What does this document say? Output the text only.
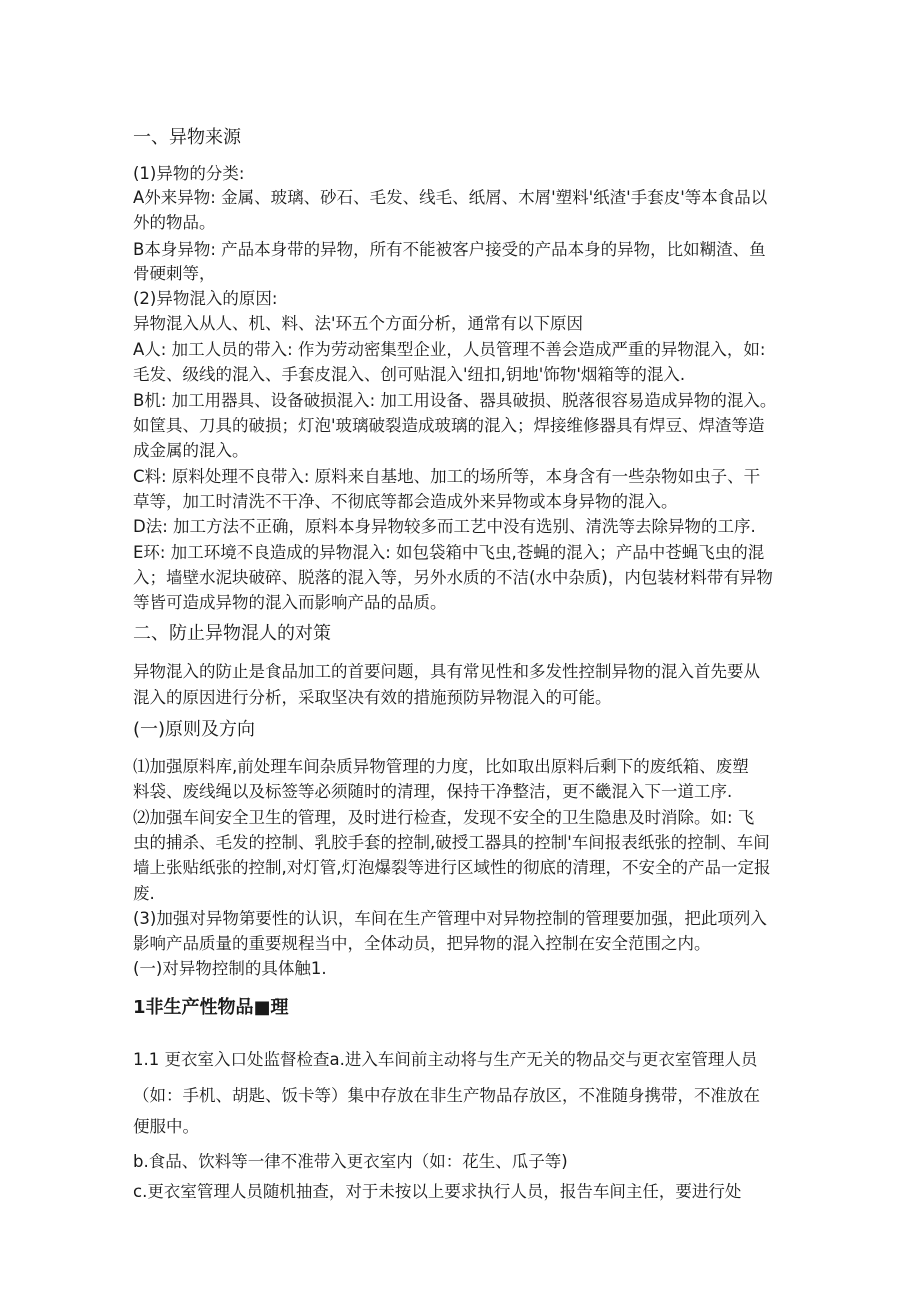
一、异物来源

(1)异物的分类:

A外来异物: 金属、玻璃、砂石、毛发、线毛、纸屑、木屑'塑料'纸渣'手套皮'等本食品以

外的物品。

B本身异物: 产品本身带的异物，所有不能被客户接受的产品本身的异物，比如糊渣、鱼

骨硬刺等，

(2)异物混入的原因:

异物混入从人、机、料、法'环五个方面分析，通常有以下原因

A人: 加工人员的带入: 作为劳动密集型企业，人员管理不善会造成严重的异物混入，如:

毛发、级线的混入、手套皮混入、创可贴混入'纽扣,钥地'饰物'烟箱等的混入.

B机: 加工用器具、设备破损混入: 加工用设备、器具破损、脱落很容易造成异物的混入。

如筐具、刀具的破损；灯泡'玻璃破裂造成玻璃的混入；焊接维修器具有焊豆、焊渣等造

成金属的混入。

C料: 原料处理不良带入: 原料来自基地、加工的场所等，本身含有一些杂物如虫子、干

草等，加工时清洗不干净、不彻底等都会造成外来异物或本身异物的混入。

D法: 加工方法不正确，原料本身异物较多而工艺中没有选别、清洗等去除异物的工序.

E环: 加工环境不良造成的异物混入: 如包袋箱中飞虫,苍蝇的混入；产品中苍蝇飞虫的混

入；墙壁水泥块破碎、脱落的混入等，另外水质的不洁(水中杂质)，内包装材料带有异物

等皆可造成异物的混入而影响产品的品质。

二、防止异物混人的对策

异物混入的防止是食品加工的首要问题，具有常见性和多发性控制异物的混入首先要从

混入的原因进行分析，采取坚决有效的措施预防异物混入的可能。

(一)原则及方向

⑴加强原料库,前处理车间杂质异物管理的力度，比如取出原料后剩下的废纸箱、废塑

料袋、废线绳以及标签等必须随时的清理，保持干净整洁，更不畿混入下一道工序.

⑵加强车间安全卫生的管理，及时进行检查，发现不安全的卫生隐患及时消除。如: 飞

虫的捕杀、毛发的控制、乳胶手套的控制,破授工器具的控制'车间报表纸张的控制、车间

墙上张贴纸张的控制,对灯管,灯泡爆裂等进行区域性的彻底的清理，不安全的产品一定报

废.

(3)加强对异物第要性的认识，车间在生产管理中对异物控制的管理要加强，把此项列入

影响产品质量的重要规程当中，全体动员，把异物的混入控制在安全范围之内。

(一)对异物控制的具体触1.

1非生产性物品■理

1.1 更衣室入口处监督检查a.进入车间前主动将与生产无关的物品交与更衣室管理人员

（如：手机、胡匙、饭卡等）集中存放在非生产物品存放区，不准随身携带，不准放在

便服中。

b.食品、饮料等一律不准带入更衣室内（如：花生、瓜子等)

c.更衣室管理人员随机抽查，对于未按以上要求执行人员，报告车间主任，要进行处
